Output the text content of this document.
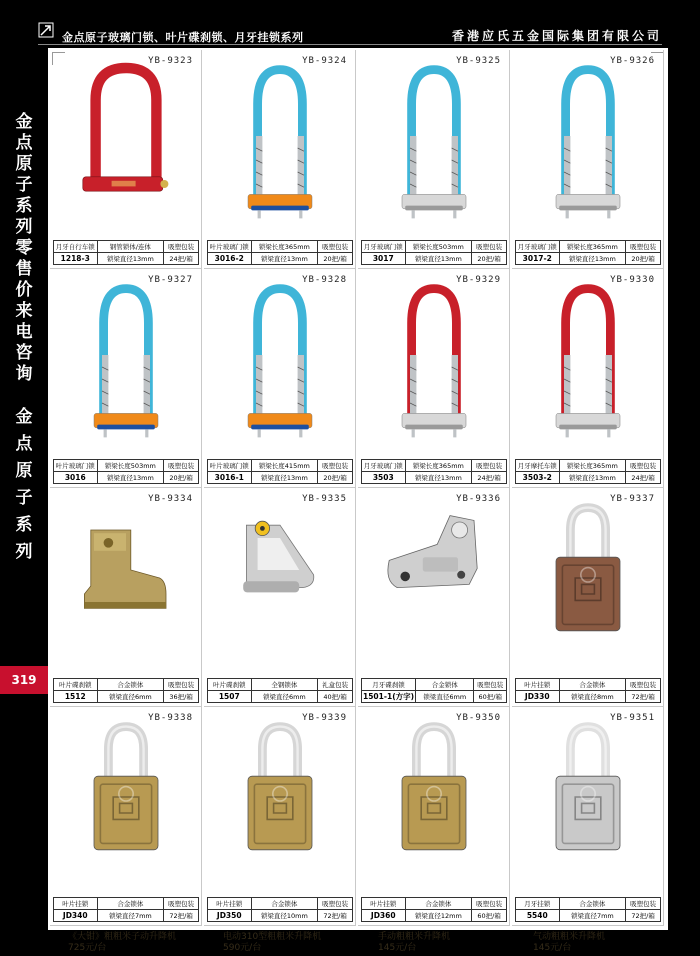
金点原子玻璃门锁、叶片碟刹锁、月牙挂锁系列	香港应氏五金国际集团有限公司
金
点
原
子
系
列
零
售
价
来
电
咨
询
金
点
原
子
系
列
319
YB-9323
月牙自行车锁	钢管锁体/连体	吸塑包装
1218-3	锁梁直径13mm	24把/箱
YB-9324
叶片玻璃门锁	锁梁长度365mm	吸塑包装
3016-2	锁梁直径13mm	20把/箱
YB-9325
月牙玻璃门锁	锁梁长度503mm	吸塑包装
3017	锁梁直径13mm	20把/箱
YB-9326
月牙玻璃门锁	锁梁长度365mm	吸塑包装
3017-2	锁梁直径13mm	20把/箱
YB-9327
叶片玻璃门锁	锁梁长度503mm	吸塑包装
3016	锁梁直径13mm	20把/箱
YB-9328
叶片玻璃门锁	锁梁长度415mm	吸塑包装
3016-1	锁梁直径13mm	20把/箱
YB-9329
月牙玻璃门锁	锁梁长度365mm	吸塑包装
3503	锁梁直径13mm	24把/箱
YB-9330
月牙摩托车锁	锁梁长度365mm	吸塑包装
3503-2	锁梁直径13mm	24把/箱
YB-9334
叶片碟刹锁	合金锁体	吸塑包装
1512	锁梁直径6mm	36把/箱
YB-9335
叶片碟刹锁	全钢锁体	礼盒包装
1507	锁梁直径6mm	40把/箱
YB-9336
月牙碟刹锁	合金锁体	吸塑包装
1501-1(方字)	锁梁直径6mm	60把/箱
YB-9337
叶片挂锁	合金锁体	吸塑包装
JD330	锁梁直径8mm	72把/箱
YB-9338
叶片挂锁	合金锁体	吸塑包装
JD340	锁梁直径7mm	72把/箱
YB-9339
叶片挂锁	合金锁体	吸塑包装
JD350	锁梁直径10mm	72把/箱
YB-9350
叶片挂锁	合金锁体	吸塑包装
JD360	锁梁直径12mm	60把/箱
YB-9351
月牙挂锁	合金锁体	吸塑包装
5540	锁梁直径7mm	72把/箱
《大钳》粗粗米子动升降机
725元/台
电动310型粗粗米升降机
590元/台
手动粗粗米升降机
145元/台
气动粗粗米升降机
145元/台
